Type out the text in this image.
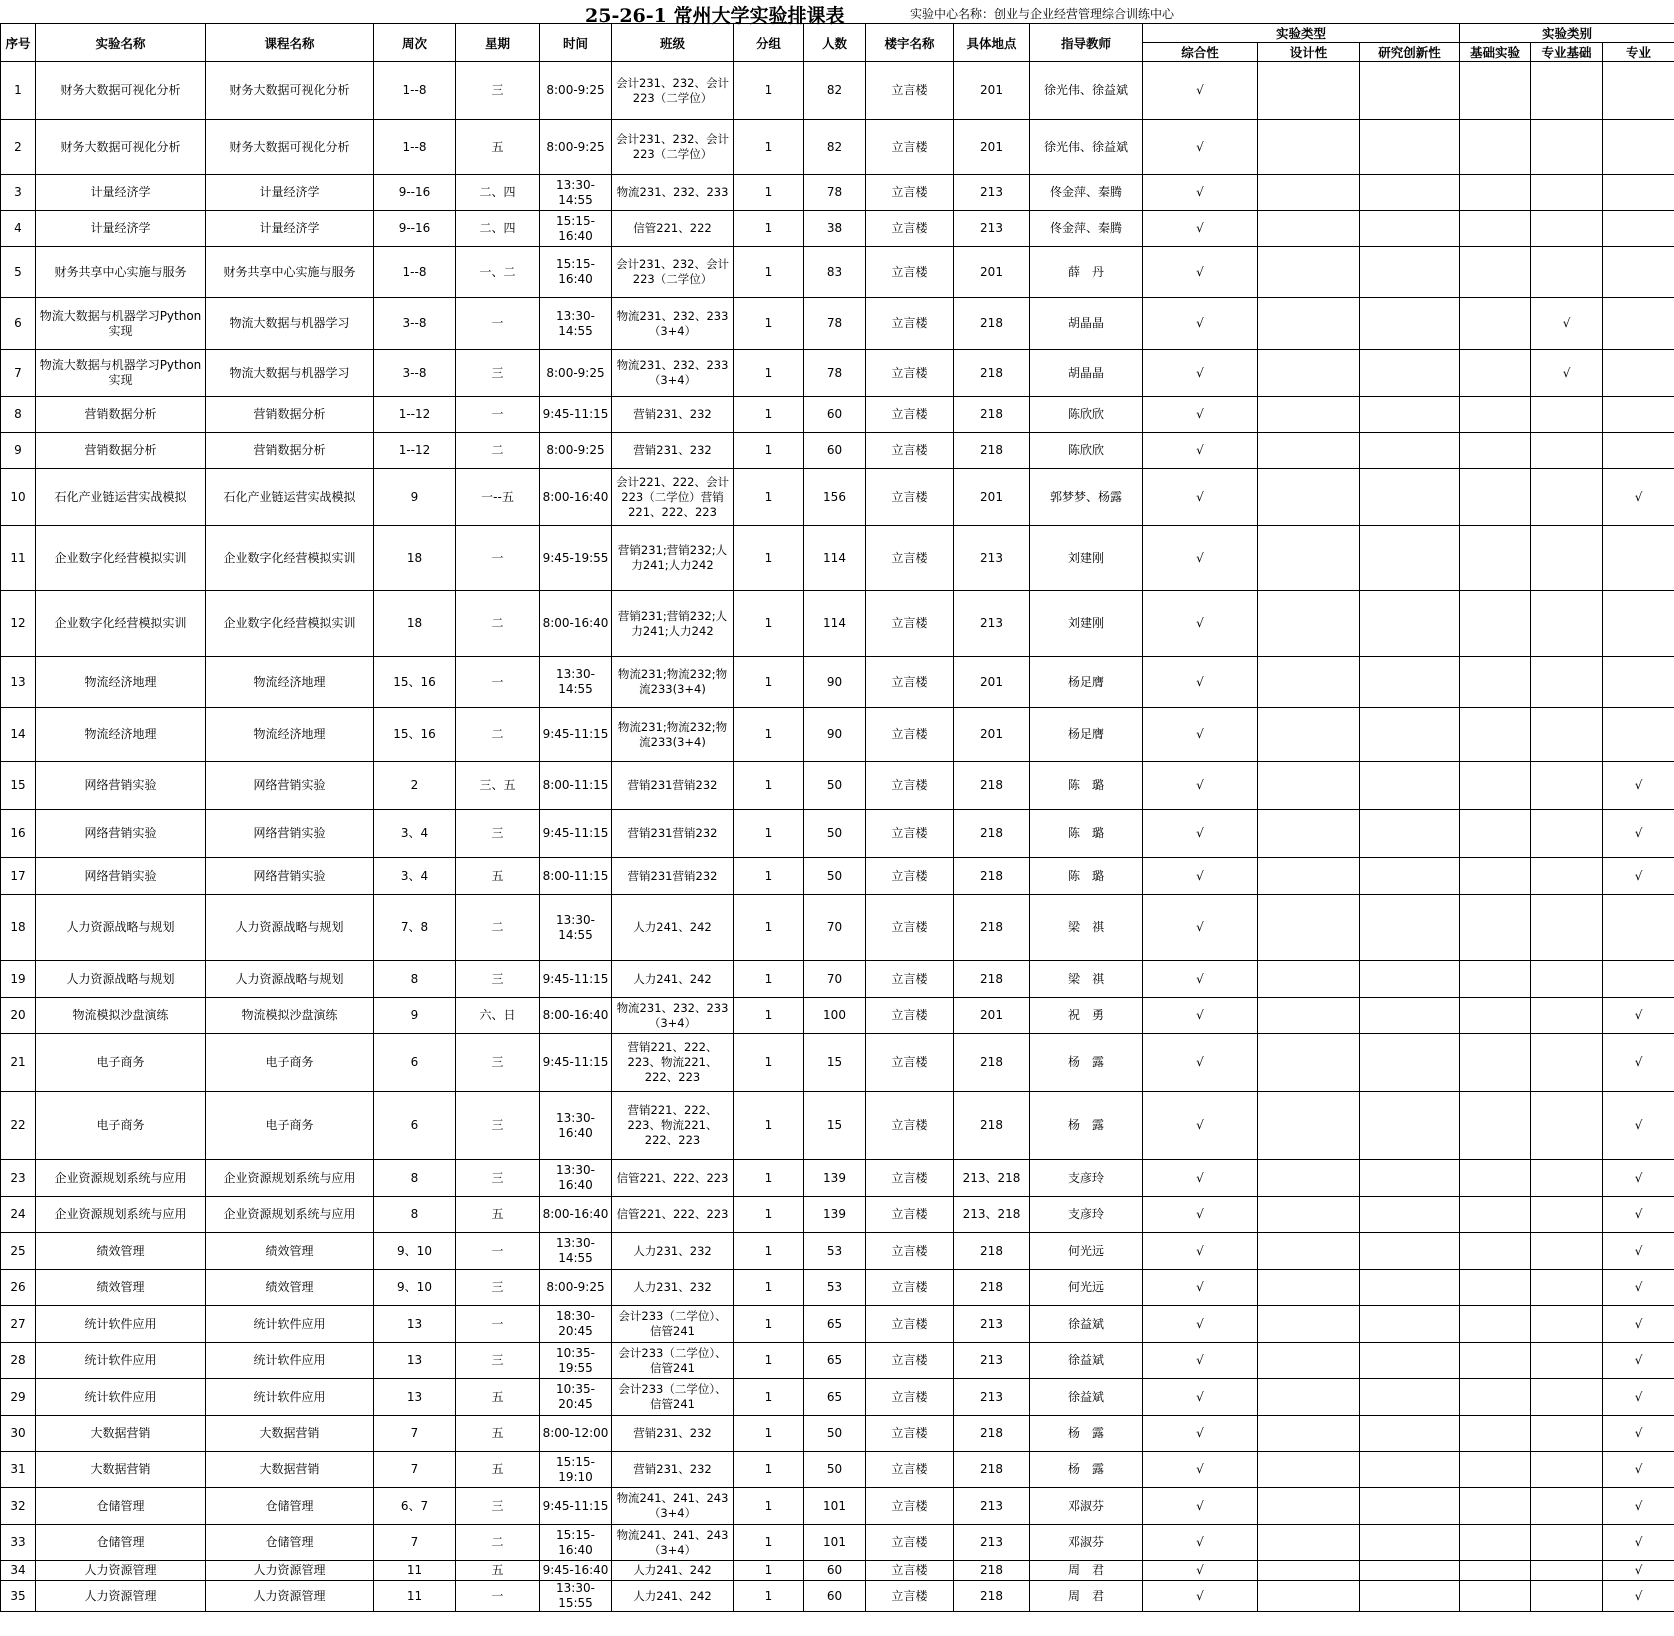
25-26-1 常州大学实验排课表	实验中心名称：创业与企业经营管理综合训练中心
序号	实验名称	课程名称	周次	星期	时间	班级	分组	人数	楼宇名称	具体地点	指导教师	实验类型			实验类别		
												综合性	设计性	研究创新性	基础实验	专业基础	专业
1	财务大数据可视化分析	财务大数据可视化分析	1--8	三	8:00-9:25	会计231、232、会计223（二学位）	1	82	立言楼	201	徐光伟、徐益斌	√					
2	财务大数据可视化分析	财务大数据可视化分析	1--8	五	8:00-9:25	会计231、232、会计223（二学位）	1	82	立言楼	201	徐光伟、徐益斌	√					
3	计量经济学	计量经济学	9--16	二、四	13:30-14:55	物流231、232、233	1	78	立言楼	213	佟金萍、秦腾	√					
4	计量经济学	计量经济学	9--16	二、四	15:15-16:40	信管221、222	1	38	立言楼	213	佟金萍、秦腾	√					
5	财务共享中心实施与服务	财务共享中心实施与服务	1--8	一、二	15:15-16:40	会计231、232、会计223（二学位）	1	83	立言楼	201	薛　丹	√					
6	物流大数据与机器学习Python实现	物流大数据与机器学习	3--8	一	13:30-14:55	物流231、232、233（3+4）	1	78	立言楼	218	胡晶晶	√				√	
7	物流大数据与机器学习Python实现	物流大数据与机器学习	3--8	三	8:00-9:25	物流231、232、233（3+4）	1	78	立言楼	218	胡晶晶	√				√	
8	营销数据分析	营销数据分析	1--12	一	9:45-11:15	营销231、232	1	60	立言楼	218	陈欣欣	√					
9	营销数据分析	营销数据分析	1--12	二	8:00-9:25	营销231、232	1	60	立言楼	218	陈欣欣	√					
10	石化产业链运营实战模拟	石化产业链运营实战模拟	9	一--五	8:00-16:40	会计221、222、会计223（二学位）营销221、222、223	1	156	立言楼	201	郭梦梦、杨露	√					√
11	企业数字化经营模拟实训	企业数字化经营模拟实训	18	一	9:45-19:55	营销231;营销232;人力241;人力242	1	114	立言楼	213	刘建刚	√					
12	企业数字化经营模拟实训	企业数字化经营模拟实训	18	二	8:00-16:40	营销231;营销232;人力241;人力242	1	114	立言楼	213	刘建刚	√					
13	物流经济地理	物流经济地理	15、16	一	13:30-14:55	物流231;物流232;物流233(3+4)	1	90	立言楼	201	杨足膺	√					
14	物流经济地理	物流经济地理	15、16	二	9:45-11:15	物流231;物流232;物流233(3+4)	1	90	立言楼	201	杨足膺	√					
15	网络营销实验	网络营销实验	2	三、五	8:00-11:15	营销231营销232	1	50	立言楼	218	陈　璐	√					√
16	网络营销实验	网络营销实验	3、4	三	9:45-11:15	营销231营销232	1	50	立言楼	218	陈　璐	√					√
17	网络营销实验	网络营销实验	3、4	五	8:00-11:15	营销231营销232	1	50	立言楼	218	陈　璐	√					√
18	人力资源战略与规划	人力资源战略与规划	7、8	二	13:30-14:55	人力241、242	1	70	立言楼	218	梁　祺	√					
19	人力资源战略与规划	人力资源战略与规划	8	三	9:45-11:15	人力241、242	1	70	立言楼	218	梁　祺	√					
20	物流模拟沙盘演练	物流模拟沙盘演练	9	六、日	8:00-16:40	物流231、232、233（3+4）	1	100	立言楼	201	祝　勇	√					√
21	电子商务	电子商务	6	三	9:45-11:15	营销221、222、223、物流221、222、223	1	15	立言楼	218	杨　露	√					√
22	电子商务	电子商务	6	三	13:30-16:40	营销221、222、223、物流221、222、223	1	15	立言楼	218	杨　露	√					√
23	企业资源规划系统与应用	企业资源规划系统与应用	8	三	13:30-16:40	信管221、222、223	1	139	立言楼	213、218	支彦玲	√					√
24	企业资源规划系统与应用	企业资源规划系统与应用	8	五	8:00-16:40	信管221、222、223	1	139	立言楼	213、218	支彦玲	√					√
25	绩效管理	绩效管理	9、10	一	13:30-14:55	人力231、232	1	53	立言楼	218	何光远	√					√
26	绩效管理	绩效管理	9、10	三	8:00-9:25	人力231、232	1	53	立言楼	218	何光远	√					√
27	统计软件应用	统计软件应用	13	一	18:30-20:45	会计233（二学位）、信管241	1	65	立言楼	213	徐益斌	√					√
28	统计软件应用	统计软件应用	13	三	10:35-19:55	会计233（二学位）、信管241	1	65	立言楼	213	徐益斌	√					√
29	统计软件应用	统计软件应用	13	五	10:35-20:45	会计233（二学位）、信管241	1	65	立言楼	213	徐益斌	√					√
30	大数据营销	大数据营销	7	五	8:00-12:00	营销231、232	1	50	立言楼	218	杨　露	√					√
31	大数据营销	大数据营销	7	五	15:15-19:10	营销231、232	1	50	立言楼	218	杨　露	√					√
32	仓储管理	仓储管理	6、7	三	9:45-11:15	物流241、241、243（3+4）	1	101	立言楼	213	邓淑芬	√					√
33	仓储管理	仓储管理	7	二	15:15-16:40	物流241、241、243（3+4）	1	101	立言楼	213	邓淑芬	√					√
34	人力资源管理	人力资源管理	11	五	9:45-16:40	人力241、242	1	60	立言楼	218	周　君	√					√
35	人力资源管理	人力资源管理	11	一	13:30-15:55	人力241、242	1	60	立言楼	218	周　君	√					√
